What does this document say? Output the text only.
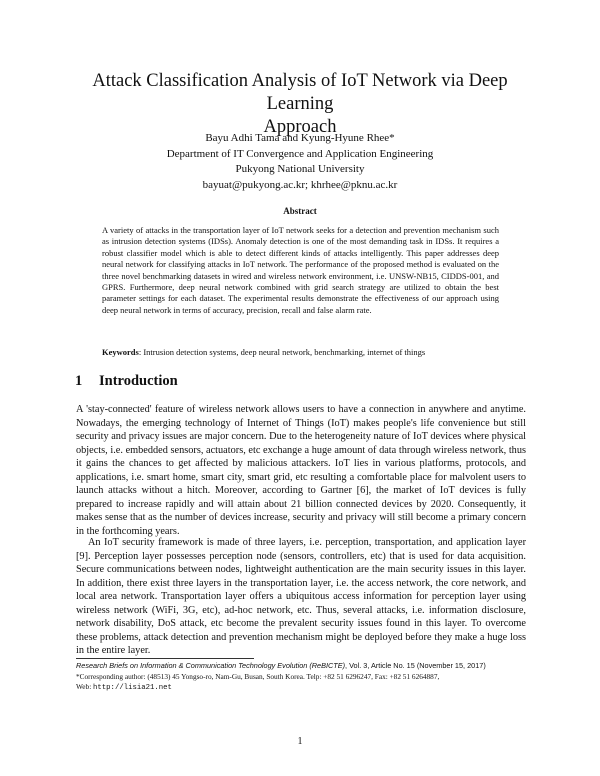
Attack Classification Analysis of IoT Network via Deep Learning
Approach
Bayu Adhi Tama and Kyung-Hyune Rhee*
Department of IT Convergence and Application Engineering
Pukyong National University
bayuat@pukyong.ac.kr; khrhee@pknu.ac.kr
Abstract
A variety of attacks in the transportation layer of IoT network seeks for a detection and prevention mechanism such as intrusion detection systems (IDSs). Anomaly detection is one of the most demanding task in IDSs. It requires a robust classifier model which is able to detect different kinds of attacks intelligently. This paper addresses deep neural network for classifying attacks in IoT network. The performance of the proposed method is evaluated on the three novel benchmarking datasets in wired and wireless network environment, i.e. UNSW-NB15, CIDDS-001, and GPRS. Furthermore, deep neural network combined with grid search strategy are utilized to obtain the best parameter settings for each dataset. The experimental results demonstrate the effectiveness of our approach using deep neural network in terms of accuracy, precision, recall and false alarm rate.
Keywords: Intrusion detection systems, deep neural network, benchmarking, internet of things
1 Introduction
A 'stay-connected' feature of wireless network allows users to have a connection in anywhere and anytime. Nowadays, the emerging technology of Internet of Things (IoT) makes people's life convenience but still security and privacy issues are major concern. Due to the heterogeneity nature of IoT devices where physical objects, i.e. embedded sensors, actuators, etc exchange a huge amount of data through wireless network, thus it gains the chances to get affected by malicious attackers. IoT lies in various platforms, protocols, and applications, i.e. smart home, smart city, smart grid, etc resulting a comfortable place for malvolent users to launch attacks without a hitch. Moreover, according to Gartner [6], the market of IoT devices is fully prepared to increase rapidly and will attain about 21 billion connected devices by 2020. Consequently, it makes sense that as the number of devices increase, security and privacy will still become a primary concern in the forthcoming years.
An IoT security framework is made of three layers, i.e. perception, transportation, and application layer [9]. Perception layer possesses perception node (sensors, controllers, etc) that is used for data acquisition. Secure communications between nodes, lightweight authentication are the main security issues in this layer. In addition, there exist three layers in the transportation layer, i.e. the access network, the core network, and local area network. Transportation layer offers a ubiquitous access information for perception layer using wireless network (WiFi, 3G, etc), ad-hoc network, etc. Thus, several attacks, i.e. information disclosure, network disability, DoS attack, etc become the prevalent security issues found in this layer. To overcome these problems, attack detection and prevention mechanism might be deployed before they make a huge loss in the entire layer.
Research Briefs on Information & Communication Technology Evolution (ReBICTE), Vol. 3, Article No. 15 (November 15, 2017)
*Corresponding author: (48513) 45 Yongso-ro, Nam-Gu, Busan, South Korea. Telp: +82 51 6296247, Fax: +82 51 6264887,
Web: http://lisia21.net
1
